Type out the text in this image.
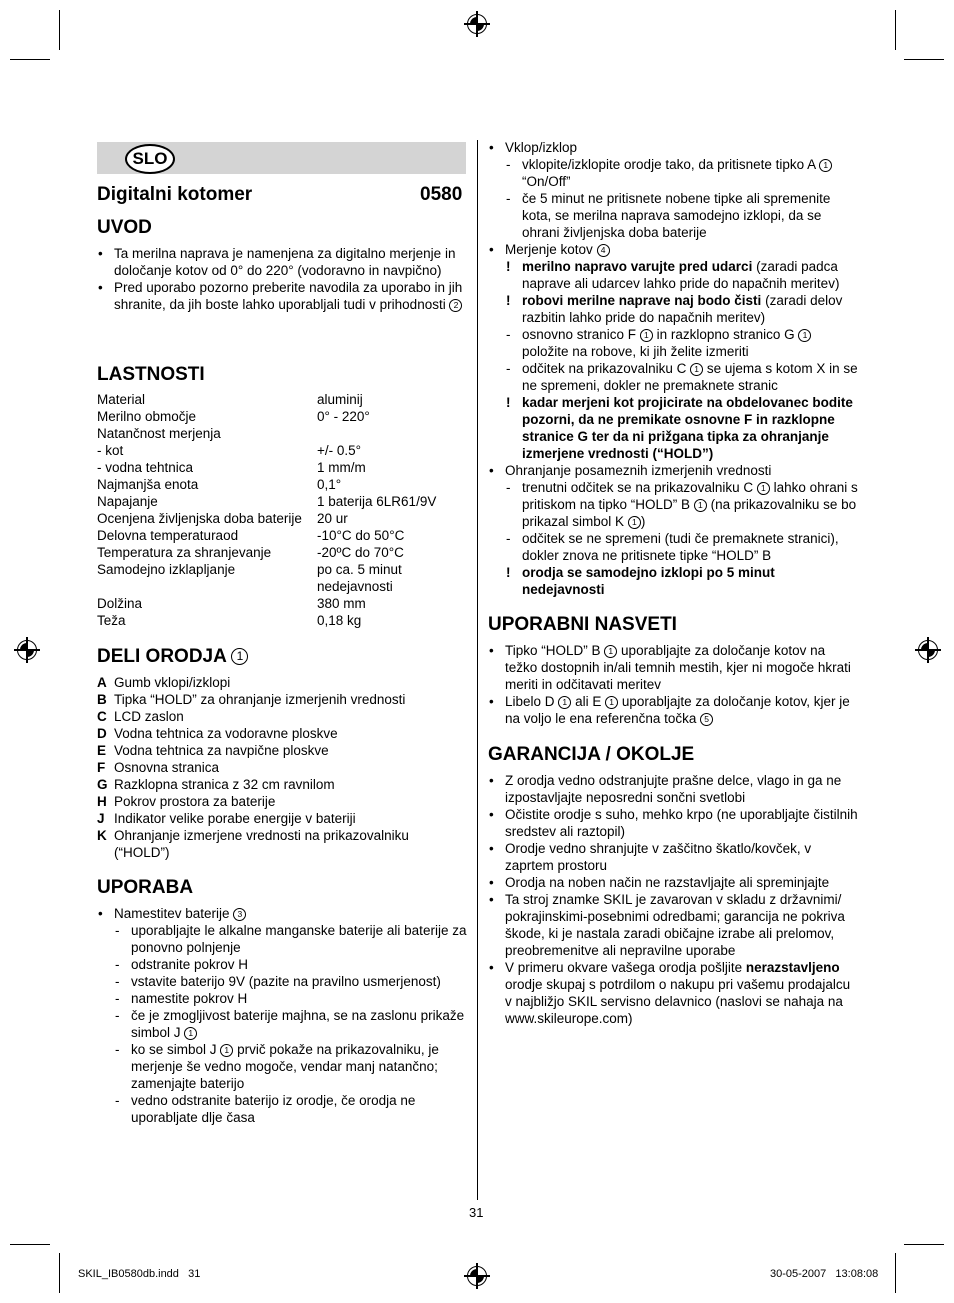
SLO
Digitalni kotomer	0580
UVOD
• Ta merilna naprava je namenjena za digitalno merjenje in določanje kotov od 0° do 220° (vodoravno in navpično)
• Pred uporabo pozorno preberite navodila za uporabo in jih shranite, da jih boste lahko uporabljali tudi v prihodnosti 2
LASTNOSTI
Material	aluminij
Merilno območje	0° - 220°
Natančnost merjenja	
- kot	+/- 0.5°
- vodna tehtnica	1 mm/m
Najmanjša enota	0,1°
Napajanje	1 baterija 6LR61/9V
Ocenjena življenjska doba baterije	20 ur
Delovna temperaturaod	-10°C do 50°C
Temperatura za shranjevanje	-20ºC do 70°C
Samodejno izklapljanje	po ca. 5 minut nedejavnosti
Dolžina	380 mm
Teža	0,18 kg
DELI ORODJA 1
A Gumb vklopi/izklopi
B Tipka “HOLD” za ohranjanje izmerjenih vrednosti
C LCD zaslon
D Vodna tehtnica za vodoravne ploskve
E Vodna tehtnica za navpične ploskve
F Osnovna stranica
G Razklopna stranica z 32 cm ravnilom
H Pokrov prostora za baterije
J Indikator velike porabe energije v bateriji
K Ohranjanje izmerjene vrednosti na prikazovalniku (“HOLD”)
UPORABA
• Namestitev baterije 3
- uporabljajte le alkalne manganske baterije ali baterije za ponovno polnjenje
- odstranite pokrov H
- vstavite baterijo 9V (pazite na pravilno usmerjenost)
- namestite pokrov H
- če je zmogljivost baterije majhna, se na zaslonu prikaže simbol J 1
- ko se simbol J 1 prvič pokaže na prikazovalniku, je merjenje še vedno mogoče, vendar manj natančno; zamenjajte baterijo
- vedno odstranite baterijo iz orodje, če orodja ne uporabljate dlje časa
• Vklop/izklop
- vklopite/izklopite orodje tako, da pritisnete tipko A 1
“On/Off”
- če 5 minut ne pritisnete nobene tipke ali spremenite kota, se merilna naprava samodejno izklopi, da se ohrani življenjska doba baterije
• Merjenje kotov 4
! merilno napravo varujte pred udarci (zaradi padca naprave ali udarcev lahko pride do napačnih meritev)
! robovi merilne naprave naj bodo čisti (zaradi delov razbitin lahko pride do napačnih meritev)
- osnovno stranico F 1 in razklopno stranico G 1 položite na robove, ki jih želite izmeriti
- odčitek na prikazovalniku C 1 se ujema s kotom X in se ne spremeni, dokler ne premaknete stranic
! kadar merjeni kot projicirate na obdelovanec bodite pozorni, da ne premikate osnovne F in razklopne stranice G ter da ni prižgana tipka za ohranjanje izmerjene vrednosti (“HOLD”)
• Ohranjanje posameznih izmerjenih vrednosti
- trenutni odčitek se na prikazovalniku C 1 lahko ohrani s pritiskom na tipko “HOLD” B 1 (na prikazovalniku se bo prikazal simbol K 1 )
- odčitek se ne spremeni (tudi če premaknete stranici), dokler znova ne pritisnete tipke “HOLD” B
! orodja se samodejno izklopi po 5 minut nedejavnosti
UPORABNI NASVETI
• Tipko “HOLD” B 1 uporabljajte za določanje kotov na težko dostopnih in/ali temnih mestih, kjer ni mogoče hkrati meriti in odčitavati meritev
• Libelo D 1 ali E 1 uporabljajte za določanje kotov, kjer je na voljo le ena referenčna točka 5
GARANCIJA / OKOLJE
• Z orodja vedno odstranjujte prašne delce, vlago in ga ne izpostavljajte neposredni sončni svetlobi
• Očistite orodje s suho, mehko krpo (ne uporabljajte čistilnih sredstev ali raztopil)
• Orodje vedno shranjujte v zaščitno škatlo/kovček, v zaprtem prostoru
• Orodja na noben način ne razstavljajte ali spreminjajte
• Ta stroj znamke SKIL je zavarovan v skladu z državnimi/ pokrajinskimi-posebnimi odredbami; garancija ne pokriva škode, ki je nastala zaradi običajne izrabe ali prelomov, preobremenitve ali nepravilne uporabe
• V primeru okvare vašega orodja pošljite nerazstavljeno orodje skupaj s potrdilom o nakupu pri vašemu prodajalcu v najbližjo SKIL servisno delavnico (naslovi se nahaja na www.skileurope.com)
31
SKIL_IB0580db.indd   31	30-05-2007   13:08:08
